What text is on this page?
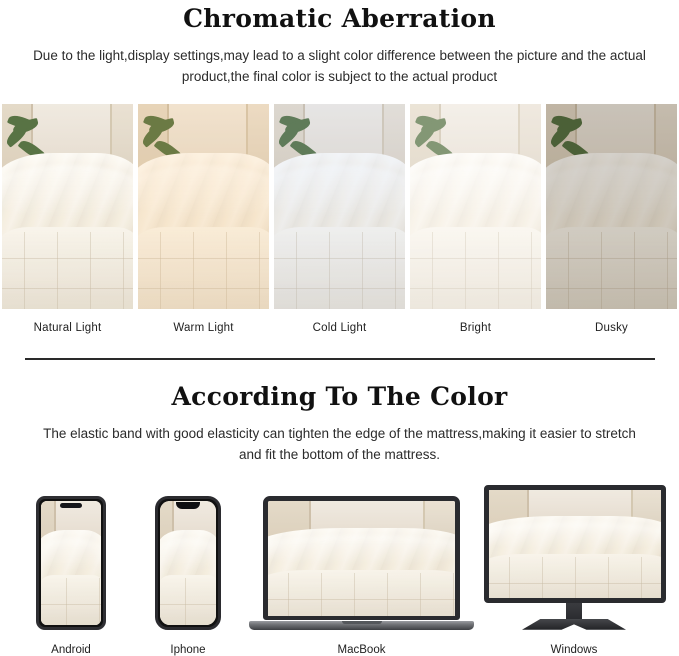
Chromatic Aberration

Due to the light,display settings,may lead to a slight color difference between the picture and the actual product,the final color is subject to the actual product

Natural Light	Warm Light	Cold Light	Bright	Dusky
According To The Color

The elastic band with good elasticity can tighten the edge of the mattress,making it easier to stretch and fit the bottom of the mattress.

Android	Iphone	MacBook	Windows
